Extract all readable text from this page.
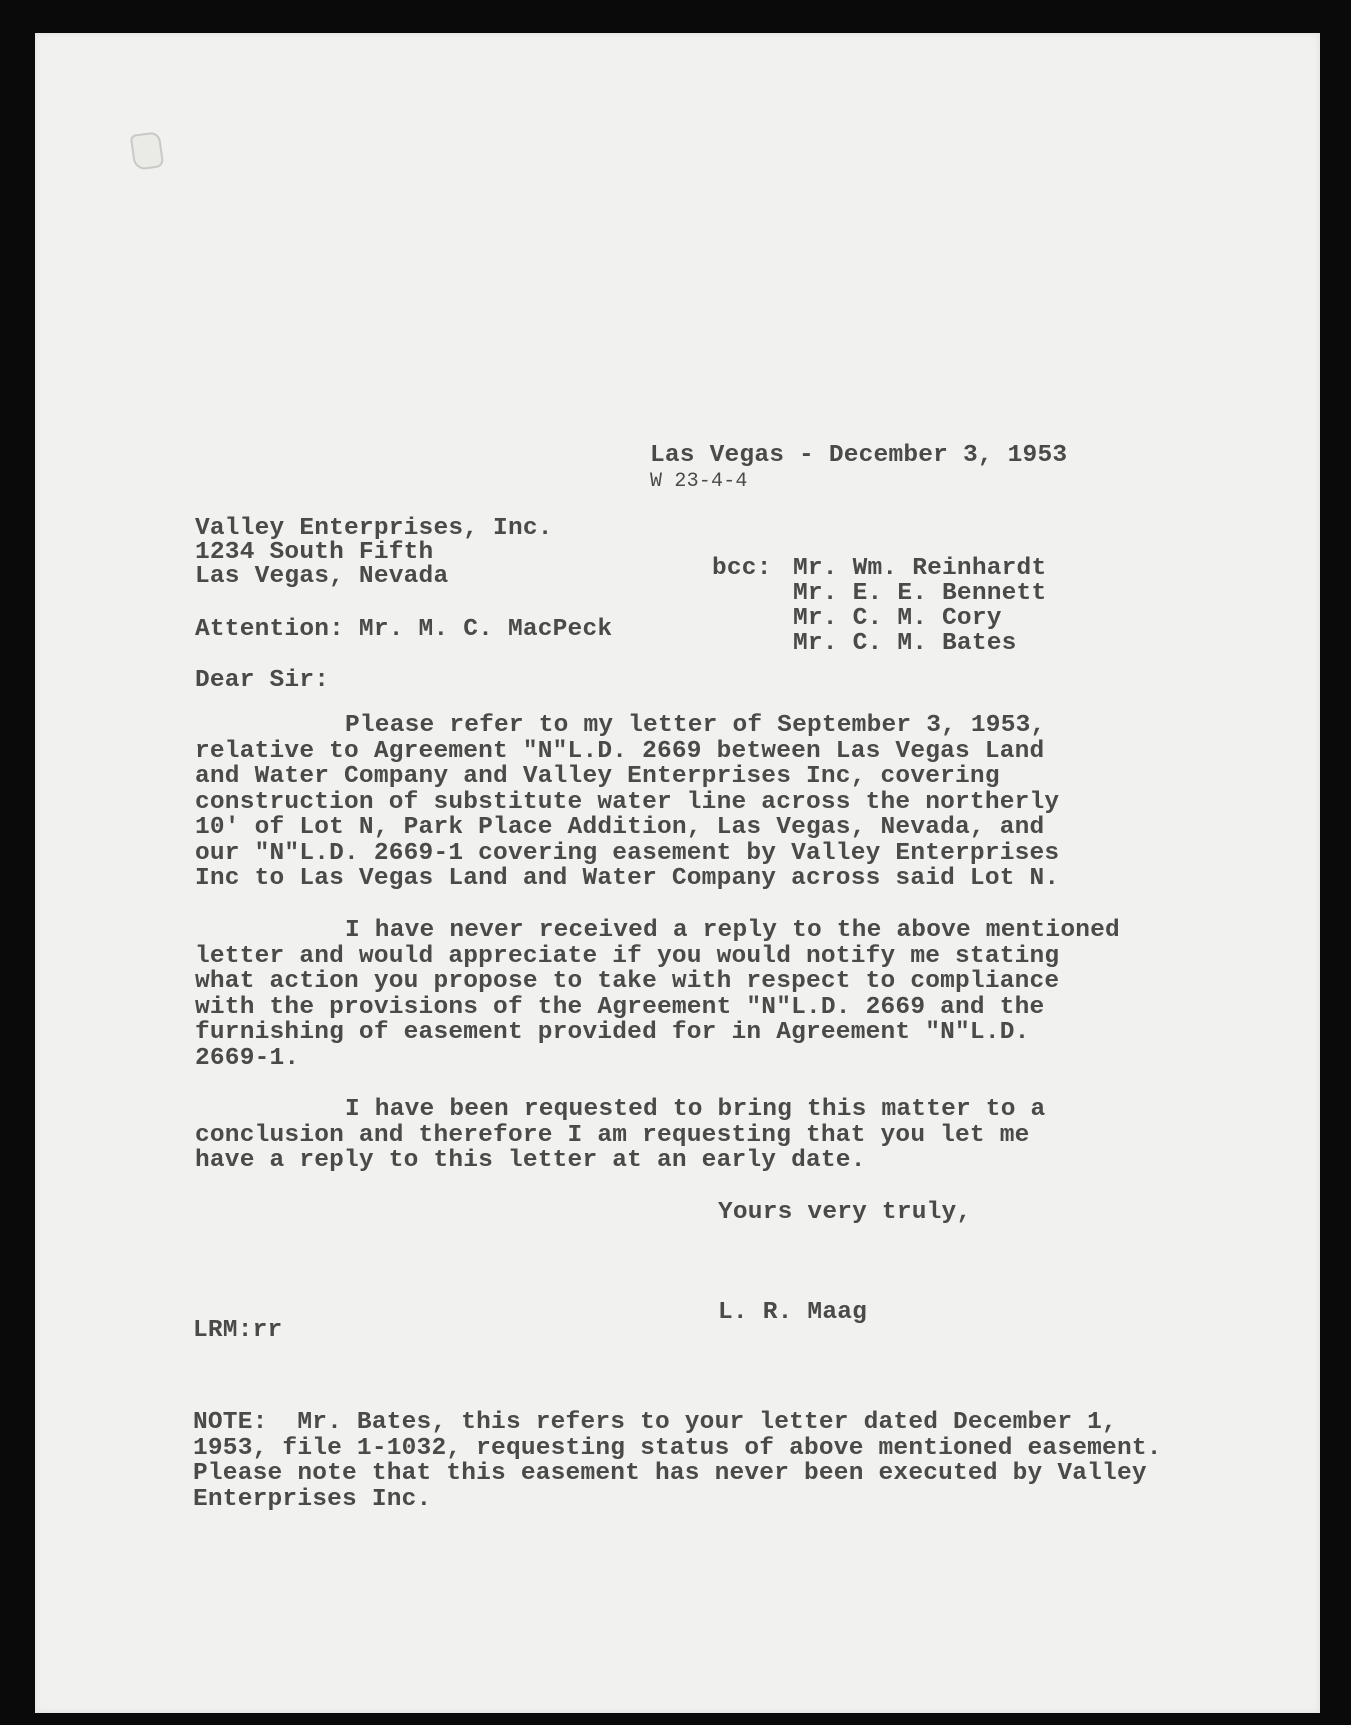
Las Vegas - December 3, 1953
W 23-4-4
Valley Enterprises, Inc.
1234 South Fifth
Las Vegas, Nevada	bcc: Mr. Wm. Reinhardt
Mr. E. E. Bennett
Mr. C. M. Cory
Mr. C. M. Bates
Attention: Mr. M. C. MacPeck
Dear Sir:
Please refer to my letter of September 3, 1953,
relative to Agreement "N"L.D. 2669 between Las Vegas Land
and Water Company and Valley Enterprises Inc, covering
construction of substitute water line across the northerly
10' of Lot N, Park Place Addition, Las Vegas, Nevada, and
our "N"L.D. 2669-1 covering easement by Valley Enterprises
Inc to Las Vegas Land and Water Company across said Lot N.
I have never received a reply to the above mentioned
letter and would appreciate if you would notify me stating
what action you propose to take with respect to compliance
with the provisions of the Agreement "N"L.D. 2669 and the
furnishing of easement provided for in Agreement "N"L.D.
2669-1.
I have been requested to bring this matter to a
conclusion and therefore I am requesting that you let me
have a reply to this letter at an early date.
Yours very truly,
L. R. Maag
LRM:rr
NOTE:  Mr. Bates, this refers to your letter dated December 1,
1953, file 1-1032, requesting status of above mentioned easement.
Please note that this easement has never been executed by Valley
Enterprises Inc.
